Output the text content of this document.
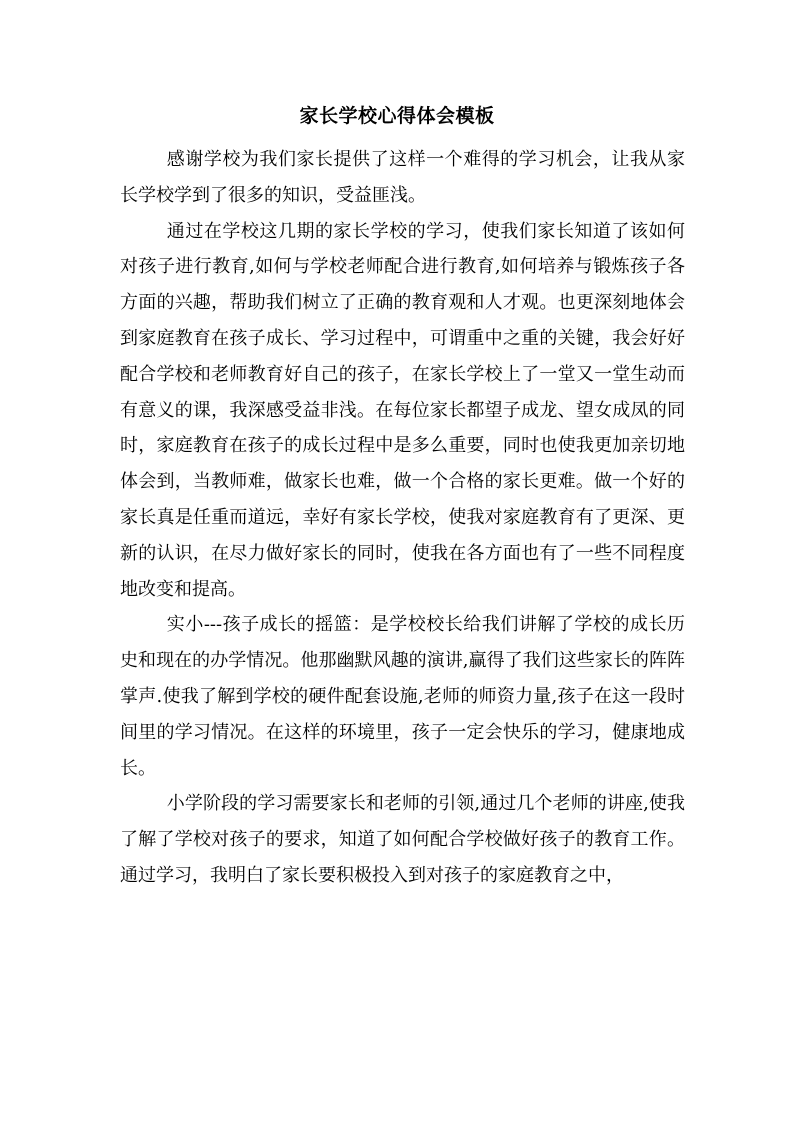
家长学校心得体会模板

感谢学校为我们家长提供了这样一个难得的学习机会，让我从家长学校学到了很多的知识，受益匪浅。

通过在学校这几期的家长学校的学习，使我们家长知道了该如何对孩子进行教育,如何与学校老师配合进行教育,如何培养与锻炼孩子各方面的兴趣，帮助我们树立了正确的教育观和人才观。也更深刻地体会到家庭教育在孩子成长、学习过程中，可谓重中之重的关键，我会好好配合学校和老师教育好自己的孩子，在家长学校上了一堂又一堂生动而有意义的课，我深感受益非浅。在每位家长都望子成龙、望女成凤的同时，家庭教育在孩子的成长过程中是多么重要，同时也使我更加亲切地体会到，当教师难，做家长也难，做一个合格的家长更难。做一个好的家长真是任重而道远，幸好有家长学校，使我对家庭教育有了更深、更新的认识，在尽力做好家长的同时，使我在各方面也有了一些不同程度地改变和提高。

实小---孩子成长的摇篮：是学校校长给我们讲解了学校的成长历史和现在的办学情况。他那幽默风趣的演讲,赢得了我们这些家长的阵阵掌声.使我了解到学校的硬件配套设施,老师的师资力量,孩子在这一段时间里的学习情况。在这样的环境里，孩子一定会快乐的学习，健康地成长。

小学阶段的学习需要家长和老师的引领,通过几个老师的讲座,使我了解了学校对孩子的要求，知道了如何配合学校做好孩子的教育工作。通过学习，我明白了家长要积极投入到对孩子的家庭教育之中，
